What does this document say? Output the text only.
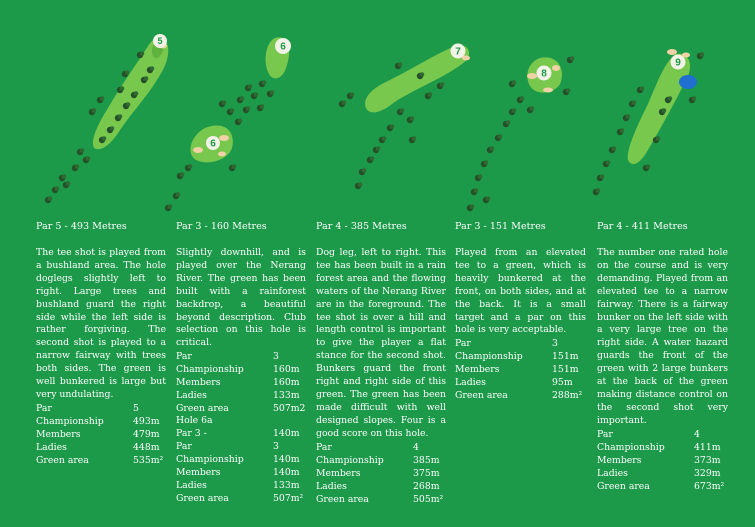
5
6
6
7
8
9
Par 5 - 493 Metres
The tee shot is played from a bushland area. The hole doglegs slightly left to right. Large trees and bushland guard the right side while the left side is rather forgiving. The second shot is played to a narrow fairway with trees both sides. The green is well bunkered is large but very undulating.
Par	5
Championship	493m
Members	479m
Ladies	448m
Green area	535m²
Par 3 - 160 Metres
Slightly downhill, and is played over the Nerang River. The green has been built with a rainforest backdrop, a beautiful beyond description. Club selection on this hole is critical.
Par	3
Championship	160m
Members	160m
Ladies	133m
Green area	507m2
Hole 6a
Par 3 -	140m
Par	3
Championship	140m
Members	140m
Ladies	133m
Green area	507m²
Par 4 - 385 Metres
Dog leg, left to right. This tee has been built in a rain forest area and the flowing waters of the Nerang River are in the foreground. The tee shot is over a hill and length control is important to give the player a flat stance for the second shot. Bunkers guard the front right and right side of this green. The green has been made difficult with well designed slopes. Four is a good score on this hole.
Par	4
Championship	385m
Members	375m
Ladies	268m
Green area	505m²
Par 3 - 151 Metres
Played from an elevated tee to a green, which is heavily bunkered at the front, on both sides, and at the back. It is a small target and a par on this hole is very acceptable.
Par	3
Championship	151m
Members	151m
Ladies	95m
Green area	288m²
Par 4 - 411 Metres
The number one rated hole on the course and is very demanding. Played from an elevated tee to a narrow fairway. There is a fairway bunker on the left side with a very large tree on the right side. A water hazard guards the front of the green with 2 large bunkers at the back of the green making distance control on the second shot very important.
Par	4
Championship	411m
Members	373m
Ladies	329m
Green area	673m²
